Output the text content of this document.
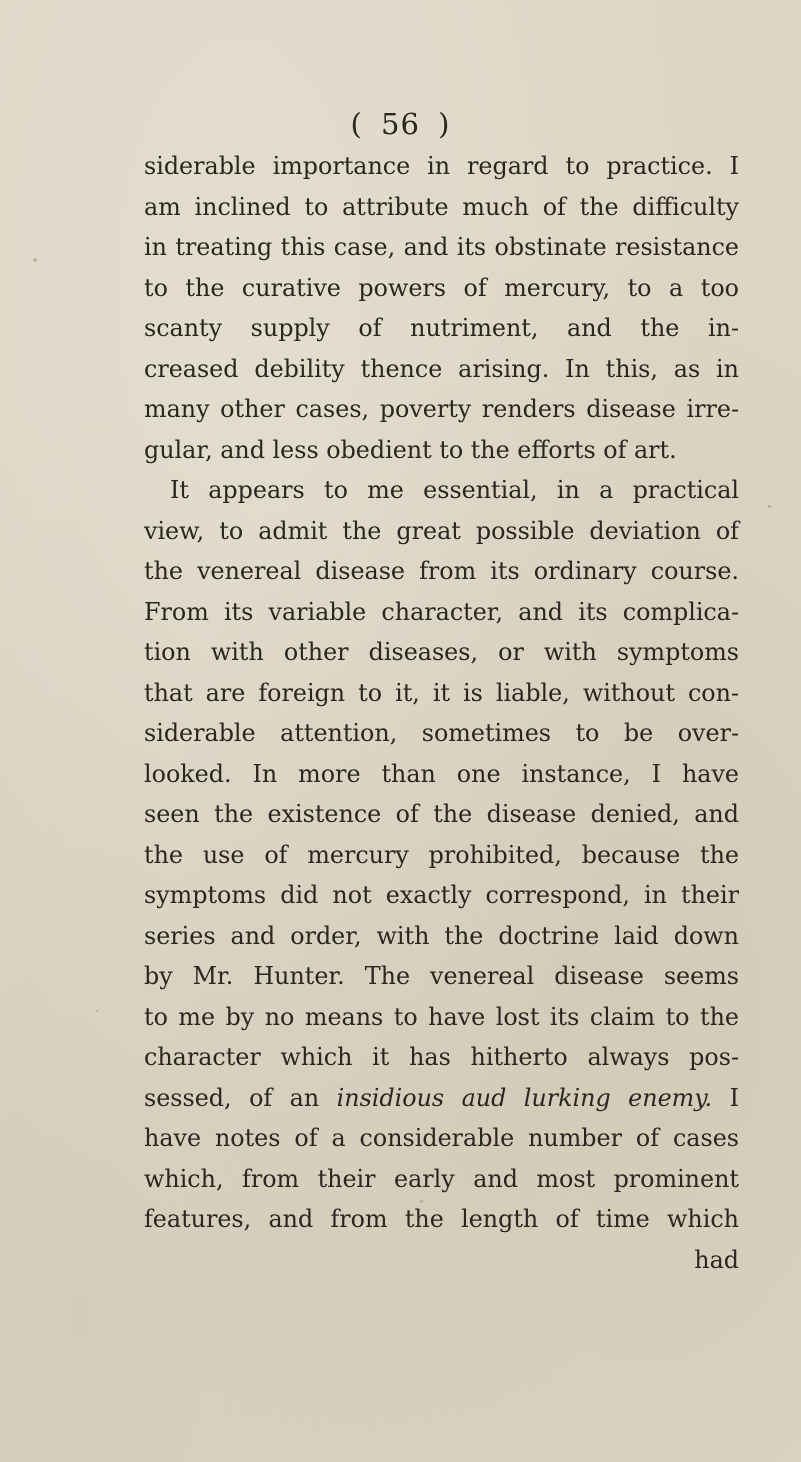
( 56 )
siderable importance in regard to practice. I
am inclined to attribute much of the difficulty
in treating this case, and its obstinate resistance
to the curative powers of mercury, to a too
scanty supply of nutriment, and the in-
creased debility thence arising. In this, as in
many other cases, poverty renders disease irre-
gular, and less obedient to the efforts of art.
It appears to me essential, in a practical
view, to admit the great possible deviation of
the venereal disease from its ordinary course.
From its variable character, and its complica-
tion with other diseases, or with symptoms
that are foreign to it, it is liable, without con-
siderable attention, sometimes to be over-
looked. In more than one instance, I have
seen the existence of the disease denied, and
the use of mercury prohibited, because the
symptoms did not exactly correspond, in their
series and order, with the doctrine laid down
by Mr. Hunter. The venereal disease seems
to me by no means to have lost its claim to the
character which it has hitherto always pos-
sessed, of an insidious aud lurking enemy. I
have notes of a considerable number of cases
which, from their early and most prominent
features, and from the length of time which
had
